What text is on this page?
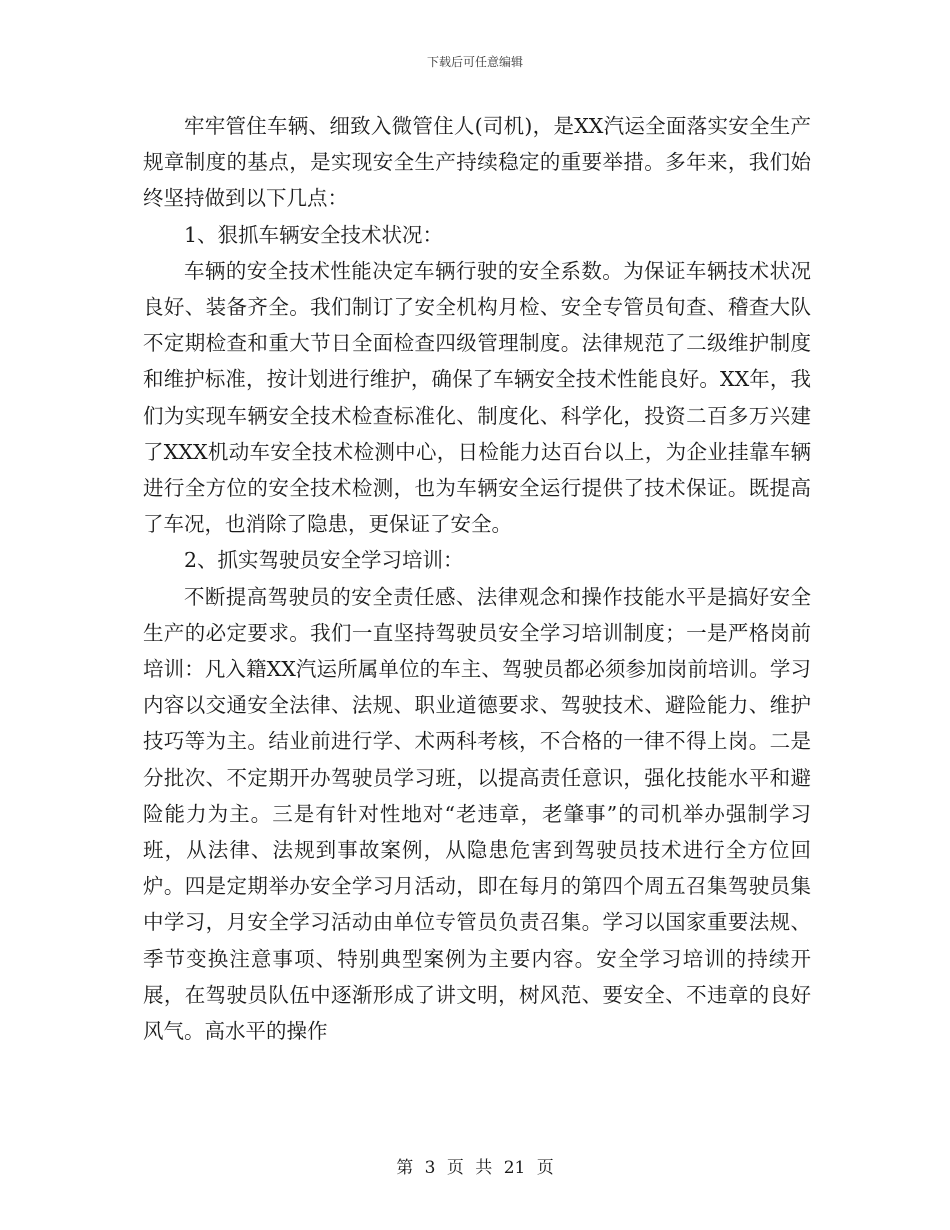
下载后可任意编辑

牢牢管住车辆、细致入微管住人(司机)，是XX汽运全面落实安全生产规章制度的基点，是实现安全生产持续稳定的重要举措。多年来，我们始终坚持做到以下几点：

1、狠抓车辆安全技术状况：

车辆的安全技术性能决定车辆行驶的安全系数。为保证车辆技术状况良好、装备齐全。我们制订了安全机构月检、安全专管员旬查、稽查大队不定期检查和重大节日全面检查四级管理制度。法律规范了二级维护制度和维护标准，按计划进行维护，确保了车辆安全技术性能良好。XX年，我们为实现车辆安全技术检查标准化、制度化、科学化，投资二百多万兴建了XXX机动车安全技术检测中心，日检能力达百台以上，为企业挂靠车辆进行全方位的安全技术检测，也为车辆安全运行提供了技术保证。既提高了车况，也消除了隐患，更保证了安全。

2、抓实驾驶员安全学习培训：

不断提高驾驶员的安全责任感、法律观念和操作技能水平是搞好安全生产的必定要求。我们一直坚持驾驶员安全学习培训制度；一是严格岗前培训：凡入籍XX汽运所属单位的车主、驾驶员都必须参加岗前培训。学习内容以交通安全法律、法规、职业道德要求、驾驶技术、避险能力、维护技巧等为主。结业前进行学、术两科考核，不合格的一律不得上岗。二是分批次、不定期开办驾驶员学习班，以提高责任意识，强化技能水平和避险能力为主。三是有针对性地对“老违章，老肇事”的司机举办强制学习班，从法律、法规到事故案例，从隐患危害到驾驶员技术进行全方位回炉。四是定期举办安全学习月活动，即在每月的第四个周五召集驾驶员集中学习，月安全学习活动由单位专管员负责召集。学习以国家重要法规、季节变换注意事项、特别典型案例为主要内容。安全学习培训的持续开展，在驾驶员队伍中逐渐形成了讲文明，树风范、要安全、不违章的良好风气。高水平的操作

第 3 页 共 21 页
